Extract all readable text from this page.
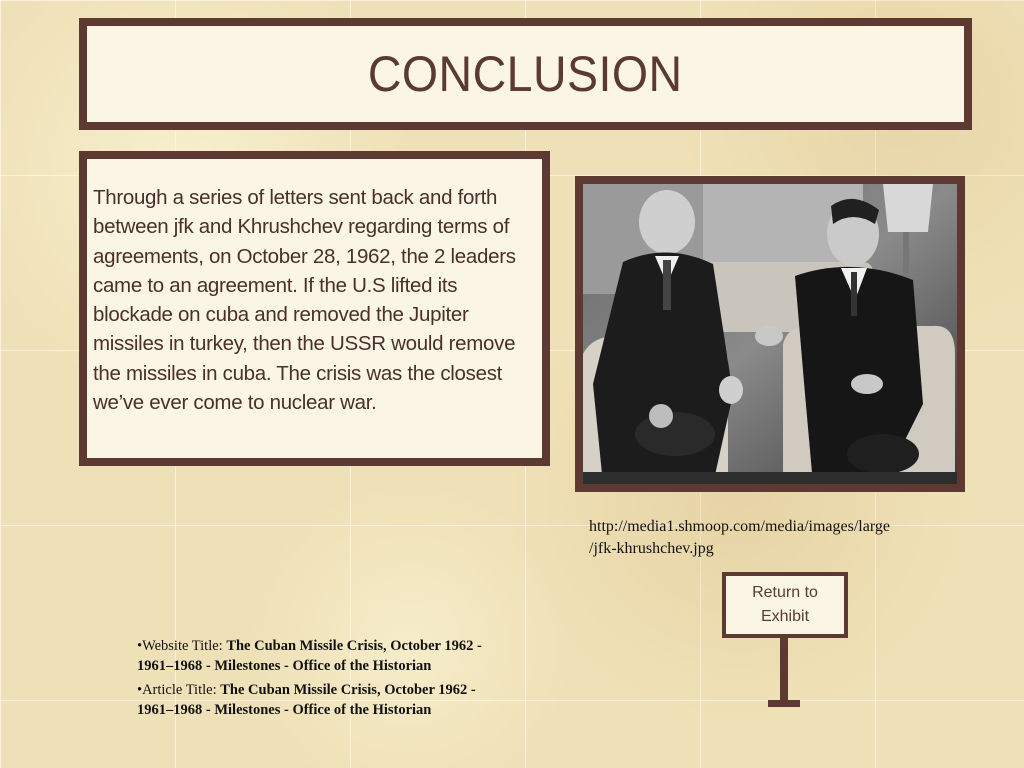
CONCLUSION

Through a series of letters sent back and forth between jfk and Khrushchev regarding terms of agreements, on October 28, 1962, the 2 leaders came to an agreement. If the U.S lifted its blockade on cuba and removed the Jupiter missiles in turkey, then the USSR would remove the missiles in cuba. The crisis was the closest we’ve ever come to nuclear war.

http://media1.shmoop.com/media/images/large
/jfk-khrushchev.jpg
Return to Exhibit
•Website Title: The Cuban Missile Crisis, October 1962 - 1961–1968 - Milestones - Office of the Historian
•Article Title: The Cuban Missile Crisis, October 1962 - 1961–1968 - Milestones - Office of the Historian
